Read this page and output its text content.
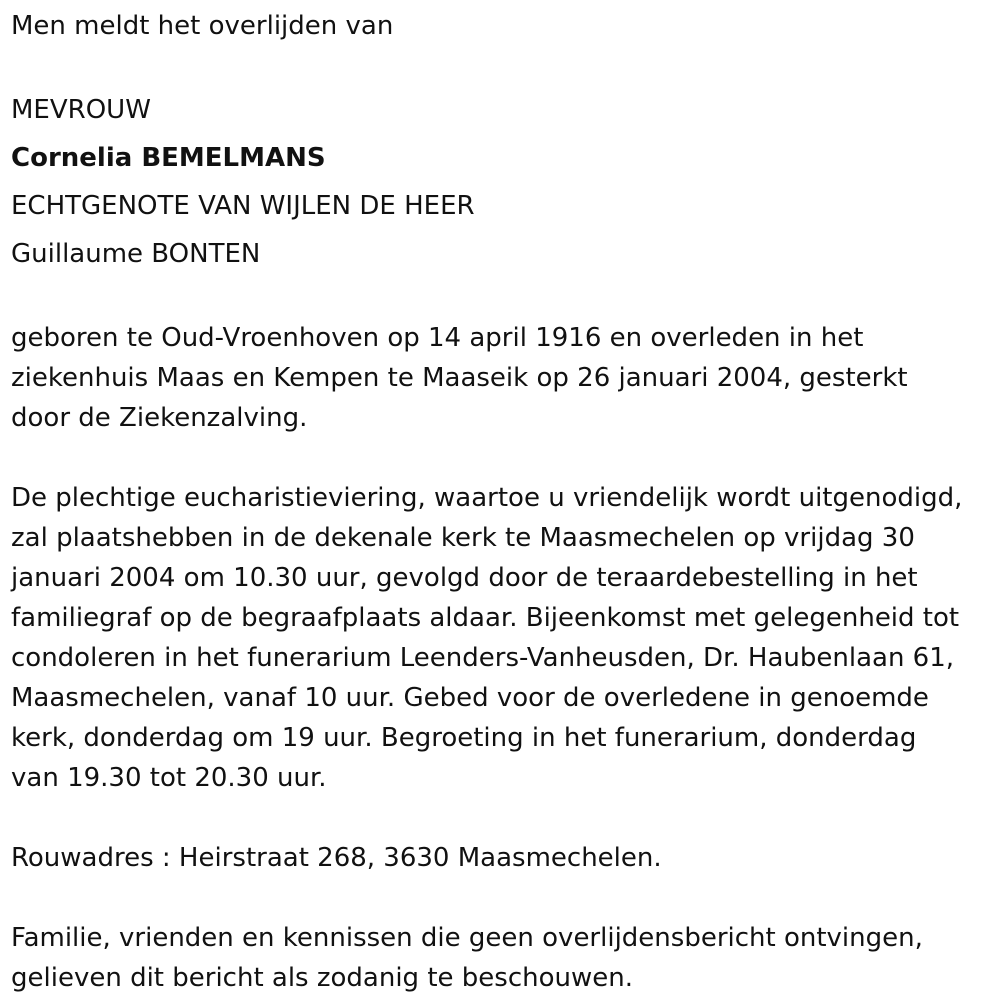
Men meldt het overlijden van
MEVROUW
Cornelia BEMELMANS
ECHTGENOTE VAN WIJLEN DE HEER
Guillaume BONTEN
geboren te Oud-Vroenhoven op 14 april 1916 en overleden in het
ziekenhuis Maas en Kempen te Maaseik op 26 januari 2004, gesterkt
door de Ziekenzalving.
De plechtige eucharistieviering, waartoe u vriendelijk wordt uitgenodigd,
zal plaatshebben in de dekenale kerk te Maasmechelen op vrijdag 30
januari 2004 om 10.30 uur, gevolgd door de teraardebestelling in het
familiegraf op de begraafplaats aldaar. Bijeenkomst met gelegenheid tot
condoleren in het funerarium Leenders-Vanheusden, Dr. Haubenlaan 61,
Maasmechelen, vanaf 10 uur. Gebed voor de overledene in genoemde
kerk, donderdag om 19 uur. Begroeting in het funerarium, donderdag
van 19.30 tot 20.30 uur.
Rouwadres : Heirstraat 268, 3630 Maasmechelen.
Familie, vrienden en kennissen die geen overlijdensbericht ontvingen,
gelieven dit bericht als zodanig te beschouwen.
